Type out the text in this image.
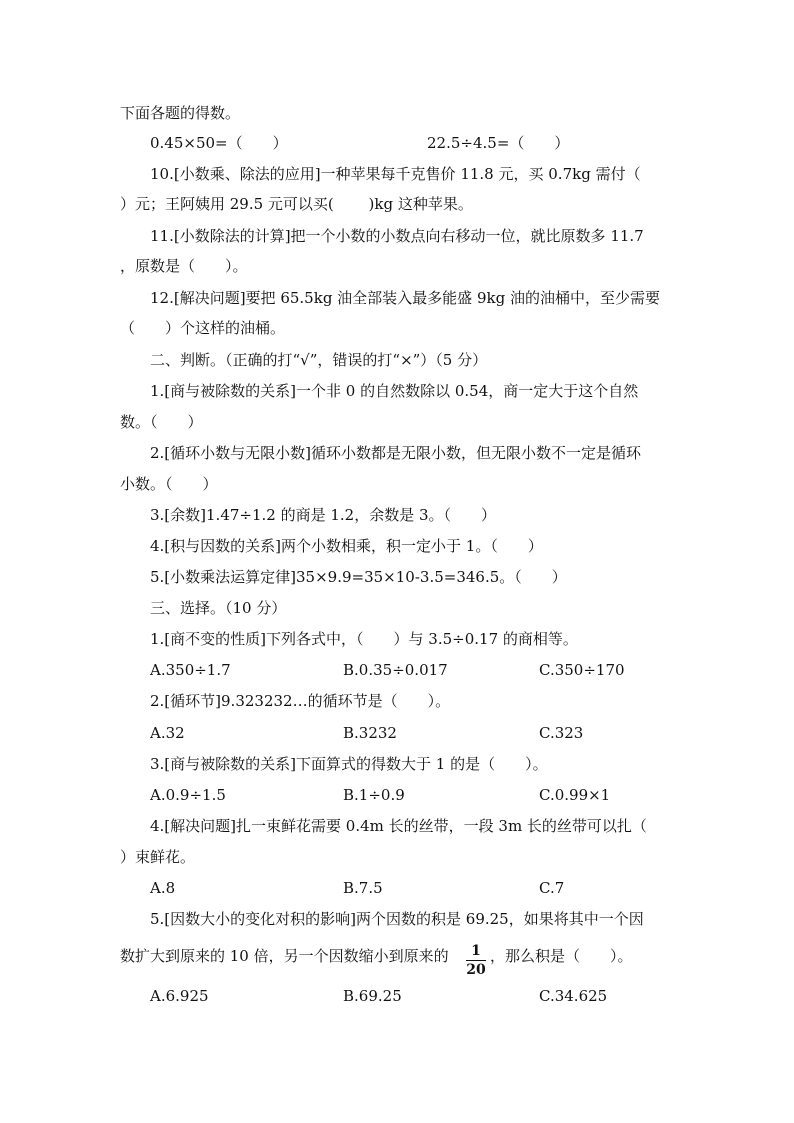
下面各题的得数。
0.45×50=（　　）	22.5÷4.5=（　　）
10.[小数乘、除法的应用]一种苹果每千克售价 11.8 元，买 0.7kg 需付（
）元；王阿姨用 29.5 元可以买(　　 )kg 这种苹果。
11.[小数除法的计算]把一个小数的小数点向右移动一位，就比原数多 11.7
，原数是（　　）。
12.[解决问题]要把 65.5kg 油全部装入最多能盛 9kg 油的油桶中，至少需要
（　　）个这样的油桶。
二、判断。（正确的打“√”，错误的打“×”）（5 分）
1.[商与被除数的关系]一个非 0 的自然数除以 0.54，商一定大于这个自然
数。（　　）
2.[循环小数与无限小数]循环小数都是无限小数，但无限小数不一定是循环
小数。（　　）
3.[余数]1.47÷1.2 的商是 1.2，余数是 3。（　　）
4.[积与因数的关系]两个小数相乘，积一定小于 1。（　　）
5.[小数乘法运算定律]35×9.9=35×10-3.5=346.5。（　　）
三、选择。（10 分）
1.[商不变的性质]下列各式中，（　　）与 3.5÷0.17 的商相等。
A.350÷1.7	B.0.35÷0.017	C.350÷170
2.[循环节]9.323232…的循环节是（　　）。
A.32	B.3232	C.323
3.[商与被除数的关系]下面算式的得数大于 1 的是（　　）。
A.0.9÷1.5	B.1÷0.9	C.0.99×1
4.[解决问题]扎一束鲜花需要 0.4m 长的丝带，一段 3m 长的丝带可以扎（
）束鲜花。
A.8	B.7.5	C.7
5.[因数大小的变化对积的影响]两个因数的积是 69.25，如果将其中一个因
数扩大到原来的 10 倍，另一个因数缩小到原来的	1
20
，那么积是（　　）。
A.6.925	B.69.25	C.34.625
